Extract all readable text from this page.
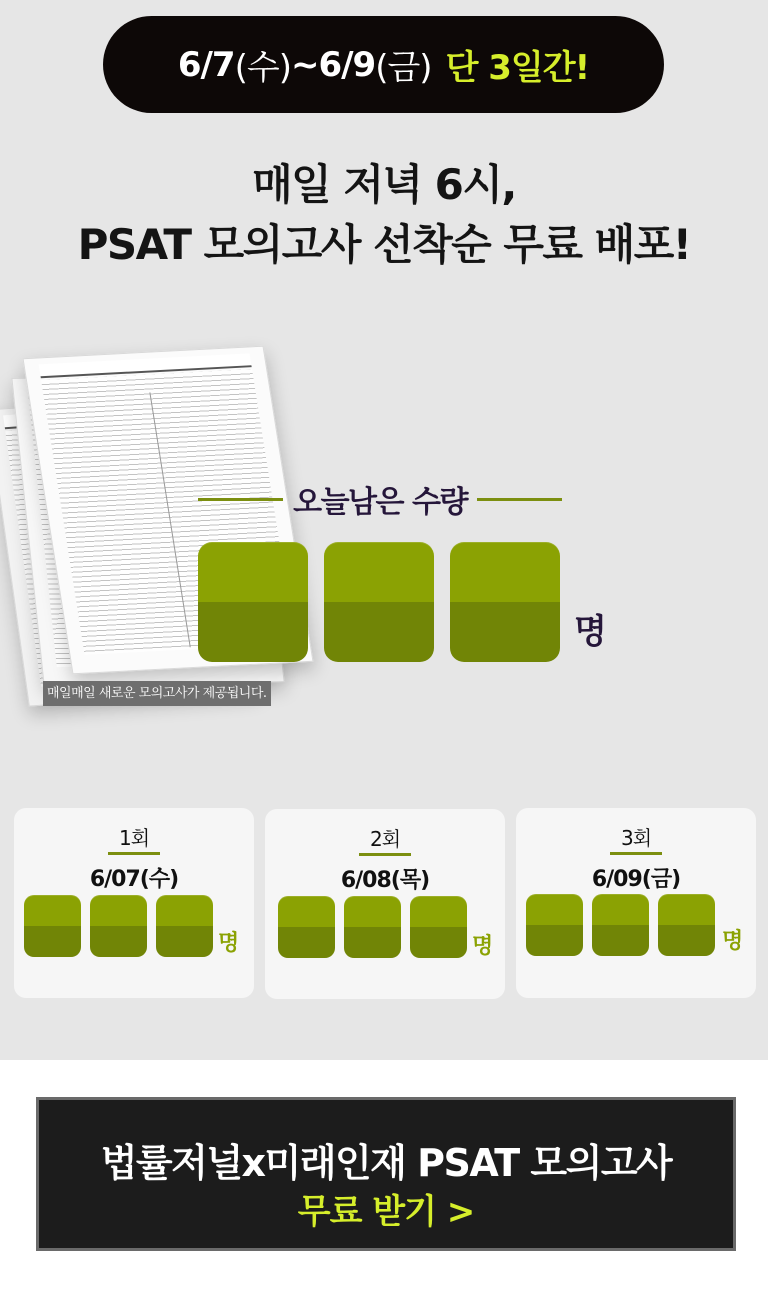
6/7 (수) ~ 6/9 (금) 단 3일간!
매일 저녁 6시,
PSAT 모의고사 선착순 무료 배포!
매일매일 새로운 모의고사가 제공됩니다.
오늘남은 수량
명
1회
6/07(수)
명
2회
6/08(목)
명
3회
6/09(금)
명
법률저널x미래인재 PSAT 모의고사
무료 받기 >
